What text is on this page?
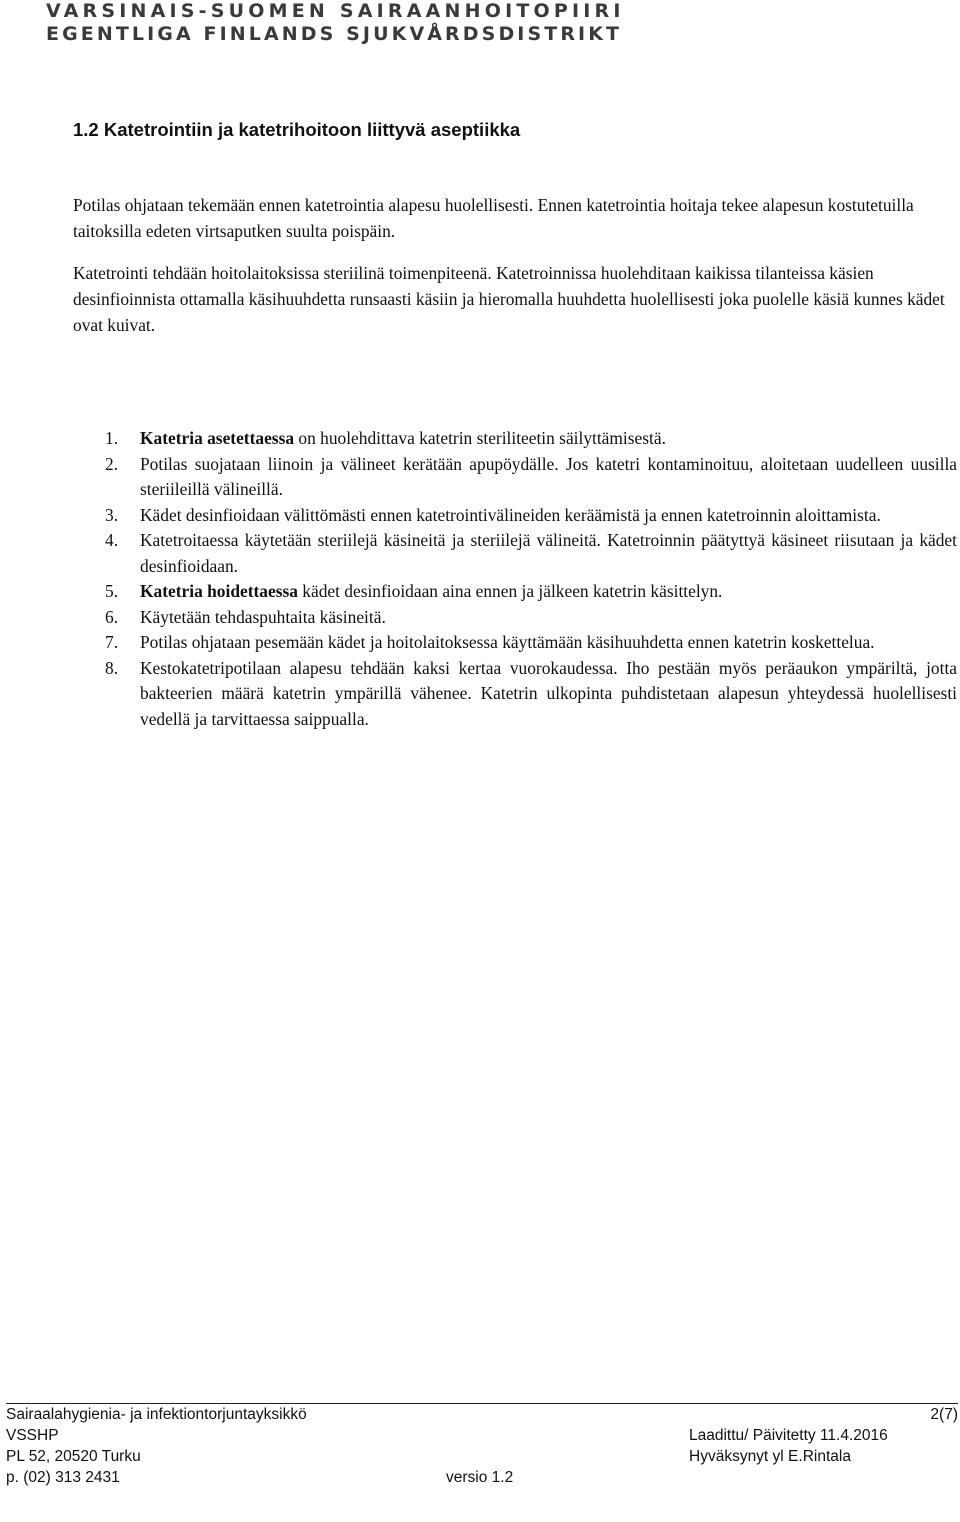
VARSINAIS-SUOMEN SAIRAANHOITOPIIRI
EGENTLIGA FINLANDS SJUKVÅRDSDISTRIKT
1.2 Katetrointiin ja katetrihoitoon liittyvä aseptiikka

Potilas ohjataan tekemään ennen katetrointia alapesu huolellisesti. Ennen katetrointia hoitaja tekee alapesun kostutetuilla taitoksilla edeten virtsaputken suulta poispäin.

Katetrointi tehdään hoitolaitoksissa steriilinä toimenpiteenä. Katetroinnissa huolehditaan kaikissa tilanteissa käsien desinfioinnista ottamalla käsihuuhdetta runsaasti käsiin ja hieromalla huuhdetta huolellisesti joka puolelle käsiä kunnes kädet ovat kuivat.

1. Katetria asetettaessa on huolehdittava katetrin steriliteetin säilyttämisestä.
2. Potilas suojataan liinoin ja välineet kerätään apupöydälle. Jos katetri kontaminoituu, aloitetaan uudelleen uusilla steriileillä välineillä.
3. Kädet desinfioidaan välittömästi ennen katetrointivälineiden keräämistä ja ennen katetroinnin aloittamista.
4. Katetroitaessa käytetään steriilejä käsineitä ja steriilejä välineitä. Katetroinnin päätyttyä käsineet riisutaan ja kädet desinfioidaan.
5. Katetria hoidettaessa kädet desinfioidaan aina ennen ja jälkeen katetrin käsittelyn.
6. Käytetään tehdaspuhtaita käsineitä.
7. Potilas ohjataan pesemään kädet ja hoitolaitoksessa käyttämään käsihuuhdetta ennen katetrin koskettelua.
8. Kestokatetripotilaan alapesu tehdään kaksi kertaa vuorokaudessa. Iho pestään myös peräaukon ympäriltä, jotta bakteerien määrä katetrin ympärillä vähenee. Katetrin ulkopinta puhdistetaan alapesun yhteydessä huolellisesti vedellä ja tarvittaessa saippualla.
Sairaalahygienia- ja infektiontorjuntayksikkö	2(7)
VSSHP	Laadittu/ Päivitetty 11.4.2016
PL 52, 20520 Turku	Hyväksynyt yl E.Rintala
p. (02) 313 2431	versio 1.2
